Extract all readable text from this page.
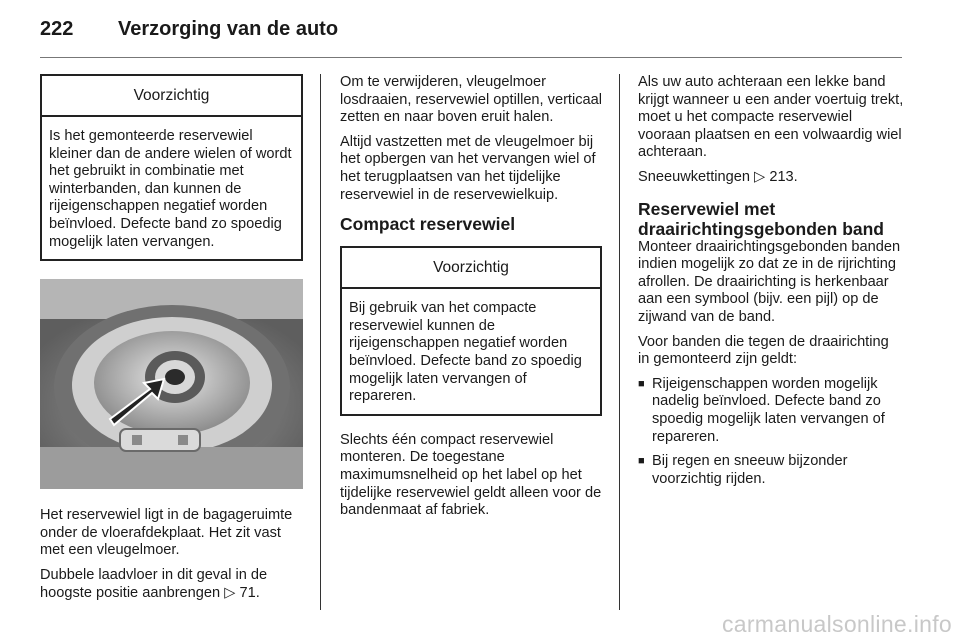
222 Verzorging van de auto
Voorzichtig
Is het gemonteerde reservewiel kleiner dan de andere wielen of wordt het gebruikt in combinatie met winterbanden, dan kunnen de rijeigenschappen negatief worden beïnvloed. Defecte band zo spoedig mogelijk laten vervangen.

Het reservewiel ligt in de bagageruimte onder de vloerafdekplaat. Het zit vast met een vleugelmoer.

Dubbele laadvloer in dit geval in de hoogste positie aanbrengen ▷ 71.

Om te verwijderen, vleugelmoer losdraaien, reservewiel optillen, verticaal zetten en naar boven eruit halen.

Altijd vastzetten met de vleugelmoer bij het opbergen van het vervangen wiel of het terugplaatsen van het tijdelijke reservewiel in de reservewielkuip.

Compact reservewiel
Voorzichtig
Bij gebruik van het compacte reservewiel kunnen de rijeigenschappen negatief worden beïnvloed. Defecte band zo spoedig mogelijk laten vervangen of repareren.

Slechts één compact reservewiel monteren. De toegestane maximumsnelheid op het label op het tijdelijke reservewiel geldt alleen voor de bandenmaat af fabriek.

Als uw auto achteraan een lekke band krijgt wanneer u een ander voertuig trekt, moet u het compacte reservewiel vooraan plaatsen en een volwaardig wiel achteraan.

Sneeuwkettingen ▷ 213.

Reservewiel met draairichtingsgebonden band

Monteer draairichtingsgebonden banden indien mogelijk zo dat ze in de rijrichting afrollen. De draairichting is herkenbaar aan een symbool (bijv. een pijl) op de zijwand van de band.

Voor banden die tegen de draairichting in gemonteerd zijn geldt:

■ Rijeigenschappen worden mogelijk nadelig beïnvloed. Defecte band zo spoedig mogelijk laten vervangen of repareren.
■ Bij regen en sneeuw bijzonder voorzichtig rijden.
carmanualsonline.info
